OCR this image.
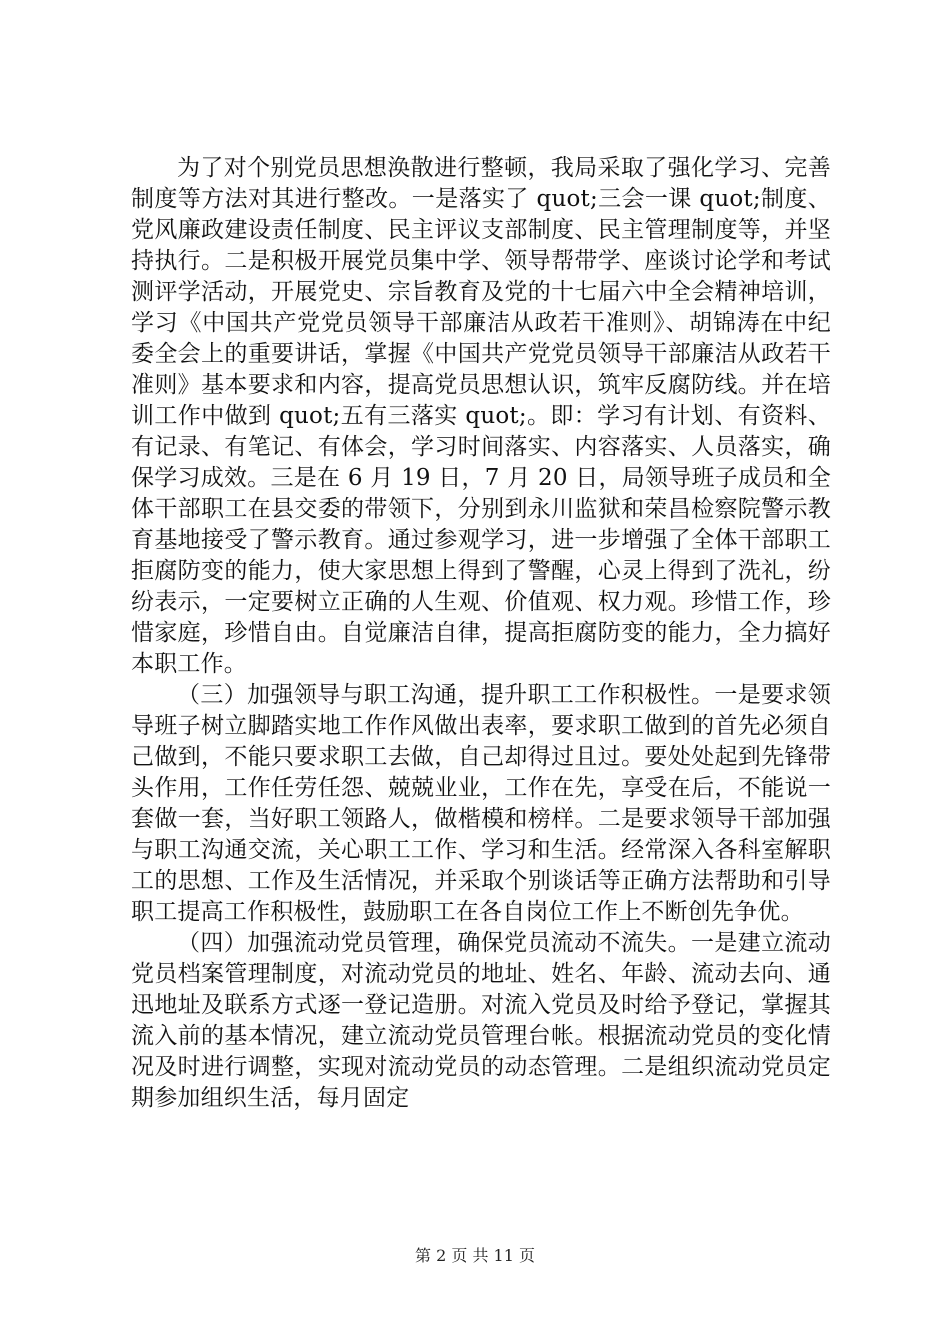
为了对个别党员思想涣散进行整顿，我局采取了强化学习、完善制度等方法对其进行整改。一是落实了 quot;三会一课 quot;制度、党风廉政建设责任制度、民主评议支部制度、民主管理制度等，并坚持执行。二是积极开展党员集中学、领导帮带学、座谈讨论学和考试测评学活动，开展党史、宗旨教育及党的十七届六中全会精神培训，学习《中国共产党党员领导干部廉洁从政若干准则》、胡锦涛在中纪委全会上的重要讲话，掌握《中国共产党党员领导干部廉洁从政若干准则》基本要求和内容，提高党员思想认识，筑牢反腐防线。并在培训工作中做到 quot;五有三落实 quot;。即：学习有计划、有资料、有记录、有笔记、有体会，学习时间落实、内容落实、人员落实，确保学习成效。三是在 6 月 19 日，7 月 20 日，局领导班子成员和全体干部职工在县交委的带领下，分别到永川监狱和荣昌检察院警示教育基地接受了警示教育。通过参观学习，进一步增强了全体干部职工拒腐防变的能力，使大家思想上得到了警醒，心灵上得到了洗礼，纷纷表示，一定要树立正确的人生观、价值观、权力观。珍惜工作，珍惜家庭，珍惜自由。自觉廉洁自律，提高拒腐防变的能力，全力搞好本职工作。

（三）加强领导与职工沟通，提升职工工作积极性。一是要求领导班子树立脚踏实地工作作风做出表率，要求职工做到的首先必须自己做到，不能只要求职工去做，自己却得过且过。要处处起到先锋带头作用，工作任劳任怨、兢兢业业，工作在先，享受在后，不能说一套做一套，当好职工领路人，做楷模和榜样。二是要求领导干部加强与职工沟通交流，关心职工工作、学习和生活。经常深入各科室解职工的思想、工作及生活情况，并采取个别谈话等正确方法帮助和引导职工提高工作积极性，鼓励职工在各自岗位工作上不断创先争优。

（四）加强流动党员管理，确保党员流动不流失。一是建立流动党员档案管理制度，对流动党员的地址、姓名、年龄、流动去向、通迅地址及联系方式逐一登记造册。对流入党员及时给予登记，掌握其流入前的基本情况，建立流动党员管理台帐。根据流动党员的变化情况及时进行调整，实现对流动党员的动态管理。二是组织流动党员定期参加组织生活，每月固定

第 2 页 共 11 页
